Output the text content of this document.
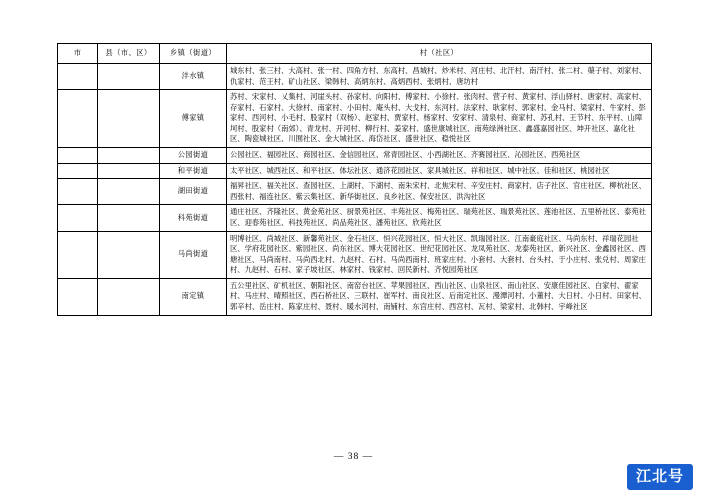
市	县（市、区）	乡镇（街道）	村（社区）
		沣水镇	城东村、张三村、大高村、张一村、四角方村、东高村、昌城村、炒米村、河庄村、北汗村、南汗村、张二村、蕖子村、刘家村、仇家村、范王村、矿山社区、梁韩村、高炳东村、高炳西村、张炳村、唐坊村
		傅家镇	苏村、宋家村、乂集村、河崖头村、孙家村、向阳村、傅家村、小徐村、张肉村、营子村、黄家村、浮山驿村、唐家村、高家村、存家村、石家村、大徐村、南家村、小田村、庵头村、大戈村、东河村、法家村、耿家村、郭家村、金马村、梁家村、牛家村、彭家村、西河村、小毛村、股家村（双杨）、赵家村、贾家村、杨家村、安家村、清泉村、商家村、苏孔村、王节村、东平村、山障坷村、股家村（南郊）、青龙村、开河村、柳行村、姜家村、盛世康城社区、南苑绿洲社区、鑫盛嘉园社区、坤开社区、嘉化社区、陶瓷城社区、川囿社区、金大城社区、海岱社区、盛世社区、稳悦社区
		公园街道	公园社区、福园社区、商园社区、金信园社区、常青园社区、小西湖社区、齐赛园社区、沁园社区、西苑社区
		和平街道	太平社区、城西社区、和平社区、体坛社区、通济花园社区、家具城社区、祥和社区、城中社区、佳和社区、桃园社区
		湖田街道	福昇社区、福关社区、查园社区、上湖村、下湖村、南朱宋村、北焦宋村、辛安庄村、商家村、店子社区、官庄社区、柳杭社区、西张村、福连社区、紫云集社区、新华街社区、良乡社区、保安社区、洪沟社区
		科苑街道	通庄社区、齐隆社区、黄金苑社区、厨景苑社区、丰苑社区、梅苑社区、瑞苑社区、瑞景苑社区、莲池社区、五里桥社区、泰苑社区、迎春苑社区、科技苑社区、尚品苑社区、潘苑社区、欣苑社区
		马尚街道	明博社区、尚城社区、新馨苑社区、金石社区、恒兴花园社区、恒大社区、凯瑞园社区、江南豪庭社区、马尚东村、祥瑞花园社区、学府花园社区、紫园社区、尚东社区、博大花园社区、世纪花园社区、龙凤苑社区、龙泰苑社区、新兴社区、金鑫园社区、西塘社区、马尚南村、马尚西北村、九赵村、石村、马尚西南村、班家庄村、小套村、大套村、台头村、于小庄村、张兑村、周家庄村、九赵村、石村、家子坡社区、林家村、钱家村、回民新村、齐悦园苑社区
		南定镇	五公里社区、矿机社区、朝阳社区、南窑台社区、苹果园社区、西山社区、山泉社区、南山社区、安康佳园社区、白家村、翟家村、马庄村、晴照社区、西石桥社区、三联村、崔军村、南良社区、后南定社区、漫潭河村、小董村、大日村、小日村、田家村、郭辛村、岳庄村、陈家庄村、聂村、暖水河村、南铺村、东宫庄村、西宫村、瓦村、梁家村、北韩村、宇峰社区
— 38 —
江北号
